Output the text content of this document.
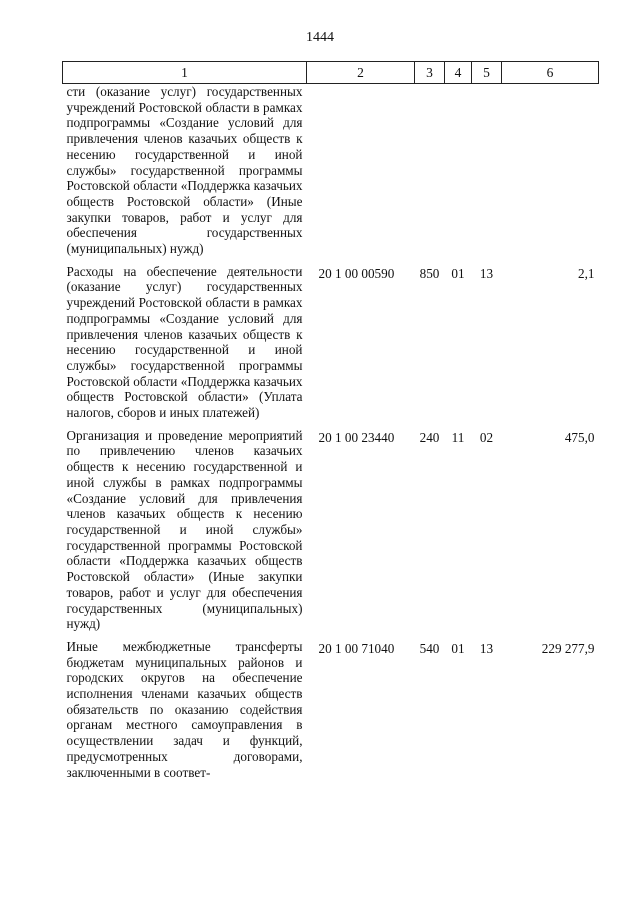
1444
1	2	3	4	5	6
сти (оказание услуг) государственных учреждений Ростовской области в рамках подпрограммы «Создание условий для привлечения членов казачьих обществ к несению государственной и иной службы» государственной программы Ростовской области «Поддержка казачьих обществ Ростовской области» (Иные закупки товаров, работ и услуг для обеспечения государственных (муниципальных) нужд)					
Расходы на обеспечение деятельности (оказание услуг) государственных учреждений Ростовской области в рамках подпрограммы «Создание условий для привлечения членов казачьих обществ к несению государственной и иной службы» государственной программы Ростовской области «Поддержка казачьих обществ Ростовской области» (Уплата налогов, сборов и иных платежей)	20 1 00 00590	850	01	13	2,1
Организация и проведение мероприятий по привлечению членов казачьих обществ к несению государственной и иной службы в рамках подпрограммы «Создание условий для привлечения членов казачьих обществ к несению государственной и иной службы» государственной программы Ростовской области «Поддержка казачьих обществ Ростовской области» (Иные закупки товаров, работ и услуг для обеспечения государственных (муниципальных) нужд)	20 1 00 23440	240	11	02	475,0
Иные межбюджетные трансферты бюджетам муниципальных районов и городских округов на обеспечение исполнения членами казачьих обществ обязательств по оказанию содействия органам местного самоуправления в осуществлении задач и функций, предусмотренных договорами, заключенными в соответ-	20 1 00 71040	540	01	13	229 277,9
